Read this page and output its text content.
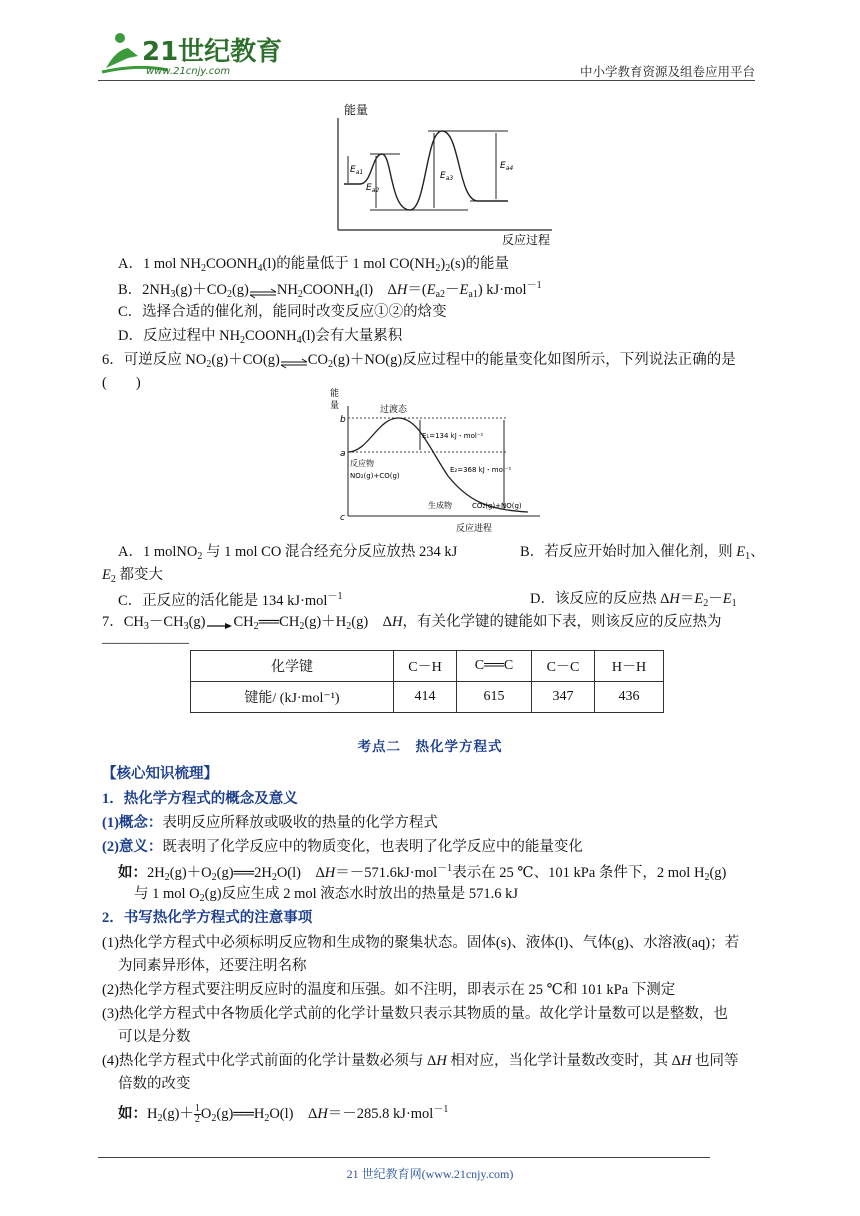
21世纪教育
www.21cnjy.com	中小学教育资源及组卷应用平台
能量
反应过程
$E_{a1}$
$E_{a2}$
$E_{a3}$
$E_{a4}$
A．1 mol $NH_2COONH_4(l)$的能量低于 1 mol $CO(NH_2)_2(s)$的能量
B．$2NH_3(g)+CO_2(g)$ $NH_2COONH_4(l)$　$\Delta H=(E_{a2}-E_{a1})$ kJ·mol$^{-1}$
C．选择合适的催化剂，能同时改变反应①②的焓变
D．反应过程中 $NH_2COONH_4(l)$会有大量累积
6．可逆反应 $NO_2(g)+CO(g)$ $CO_2(g)+NO(g)$反应过程中的能量变化如图所示，下列说法正确的是
(　　)
能
量
b
a
c
过渡态
E₁=134 kJ・mol⁻¹
E₂=368 kJ・mol⁻¹
反应物
NO₂(g)+CO(g)
生成物	CO₂(g)+NO(g)
反应进程
A．1 molNO$_2$ 与 1 mol CO 混合经充分反应放热 234 kJ	B．若反应开始时加入催化剂，则 $E_1$、
$E_2$ 都变大
C．正反应的活化能是 134 kJ·mol$^{-1}$	D．该反应的反应热 $\Delta H=E_2-E_1$
7．$CH_3-CH_3(g)$ $CH_2══CH_2(g)+H_2(g)$　ΔH，有关化学键的键能如下表，则该反应的反应热为
____________
化学键	C－H	C══C	C－C	H－H
键能/ (kJ·mol⁻¹)	414	615	347	436
考点二　热化学方程式
【核心知识梳理】
1．热化学方程式的概念及意义
(1)概念：表明反应所释放或吸收的热量的化学方程式
(2)意义：既表明了化学反应中的物质变化，也表明了化学反应中的能量变化
如：$2H_2(g)+O_2(g)══2H_2O(l)$　ΔH＝－571.6kJ·mol$^{-1}$表示在 25 ℃、101 kPa 条件下，2 mol $H_2(g)$
与 1 mol $O_2(g)$反应生成 2 mol 液态水时放出的热量是 571.6 kJ
2．书写热化学方程式的注意事项
(1)热化学方程式中必须标明反应物和生成物的聚集状态。固体(s)、液体(l)、气体(g)、水溶液(aq)；若
为同素异形体，还要注明名称
(2)热化学方程式要注明反应时的温度和压强。如不注明，即表示在 25 ℃和 101 kPa 下测定
(3)热化学方程式中各物质化学式前的化学计量数只表示其物质的量。故化学计量数可以是整数，也
可以是分数
(4)热化学方程式中化学式前面的化学计量数必须与 ΔH 相对应，当化学计量数改变时，其 ΔH 也同等
倍数的改变
如：$H_2(g)+ \frac{1}{2}$ $O_2(g)══H_2O(l)$　ΔH＝－285.8 kJ·mol$^{-1}$
21 世纪教育网(www.21cnjy.com)
